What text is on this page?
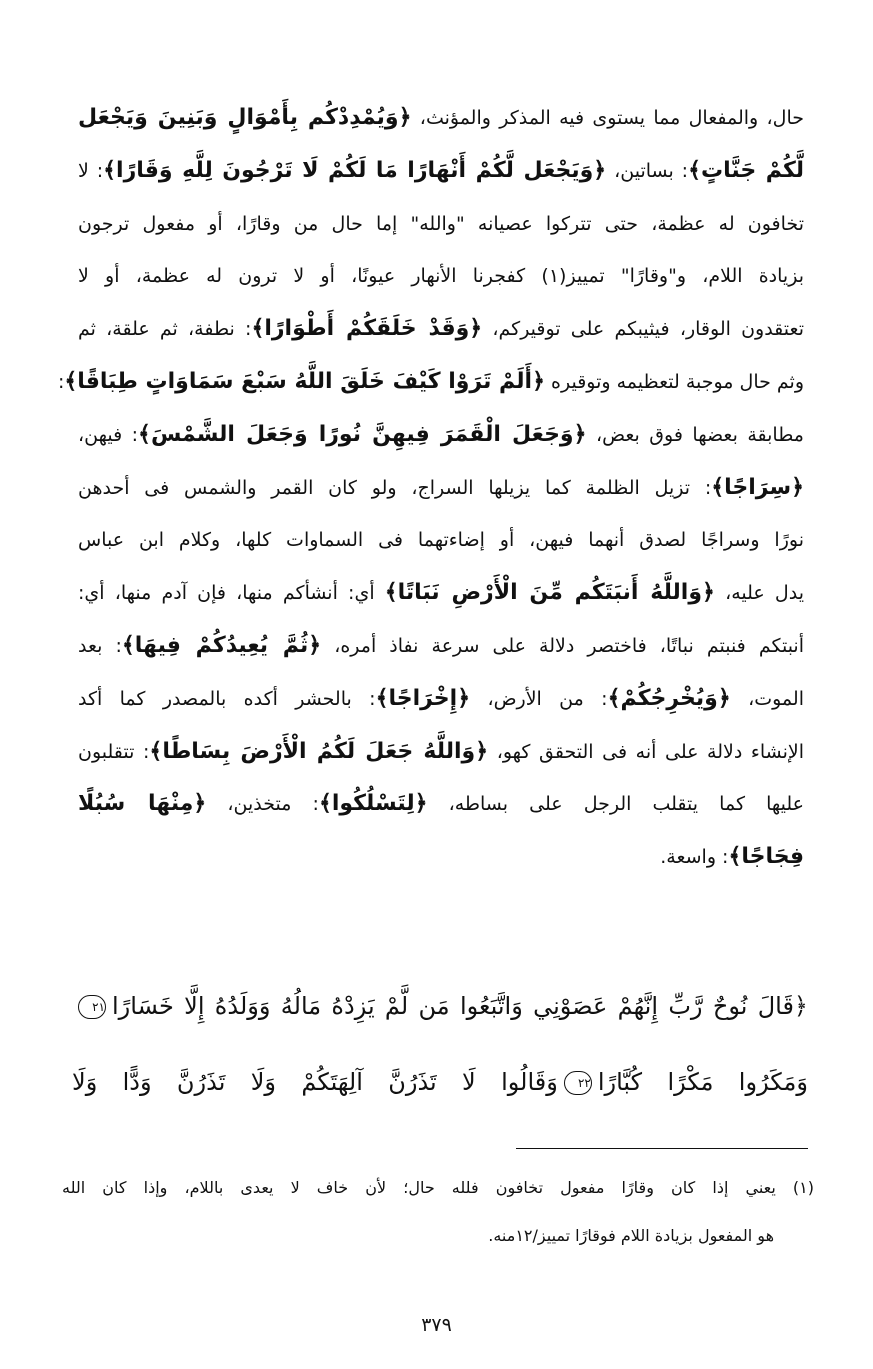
حال، والمفعال مما يستوى فيه المذكر والمؤنث، ﴿وَيُمْدِدْكُم بِأَمْوَالٍ وَبَنِينَ وَيَجْعَل
لَّكُمْ جَنَّاتٍ﴾: بساتين، ﴿وَيَجْعَل لَّكُمْ أَنْهَارًا مَا لَكُمْ لَا تَرْجُونَ لِلَّهِ وَقَارًا﴾: لا
تخافون له عظمة، حتى تتركوا عصيانه "والله" إما حال من وقارًا، أو مفعول ترجون
بزيادة اللام، و"وقارًا" تمييز(١) كفجرنا الأنهار عيونًا، أو لا ترون له عظمة، أو لا
تعتقدون الوقار، فيثيبكم على توقيركم، ﴿وَقَدْ خَلَقَكُمْ أَطْوَارًا﴾: نطفة، ثم علقة، ثم
وثم حال موجبة لتعظيمه وتوقيره ﴿أَلَمْ تَرَوْا كَيْفَ خَلَقَ اللَّهُ سَبْعَ سَمَاوَاتٍ طِبَاقًا﴾:
مطابقة بعضها فوق بعض، ﴿وَجَعَلَ الْقَمَرَ فِيهِنَّ نُورًا وَجَعَلَ الشَّمْسَ﴾: فيهن،
﴿سِرَاجًا﴾: تزيل الظلمة كما يزيلها السراج، ولو كان القمر والشمس فى أحدهن
نورًا وسراجًا لصدق أنهما فيهن، أو إضاءتهما فى السماوات كلها، وكلام ابن عباس
يدل عليه، ﴿وَاللَّهُ أَنبَتَكُم مِّنَ الْأَرْضِ نَبَاتًا﴾ أي: أنشأكم منها، فإن آدم منها، أي:
أنبتكم فنبتم نباتًا، فاختصر دلالة على سرعة نفاذ أمره، ﴿ثُمَّ يُعِيدُكُمْ فِيهَا﴾: بعد
الموت، ﴿وَيُخْرِجُكُمْ﴾: من الأرض، ﴿إِخْرَاجًا﴾: بالحشر أكده بالمصدر كما أكد
الإنشاء دلالة على أنه فى التحقق كهو، ﴿وَاللَّهُ جَعَلَ لَكُمُ الْأَرْضَ بِسَاطًا﴾: تتقلبون
عليها كما يتقلب الرجل على بساطه، ﴿لِتَسْلُكُوا﴾: متخذين، ﴿مِنْهَا سُبُلًا
فِجَاجًا﴾: واسعة.
﴿قَالَ نُوحٌ رَّبِّ إِنَّهُمْ عَصَوْنِي وَاتَّبَعُوا مَن لَّمْ يَزِدْهُ مَالُهُ وَوَلَدُهُ إِلَّا خَسَارًا٢١
وَمَكَرُوا مَكْرًا كُبَّارًا٢٢وَقَالُوا لَا تَذَرُنَّ آلِهَتَكُمْ وَلَا تَذَرُنَّ وَدًّا وَلَا
(١) يعني إذا كان وقارًا مفعول تخافون فلله حال؛ لأن خاف لا يعدى باللام، وإذا كان الله
هو المفعول بزيادة اللام فوقارًا تمييز/١٢منه.
٣٧٩
